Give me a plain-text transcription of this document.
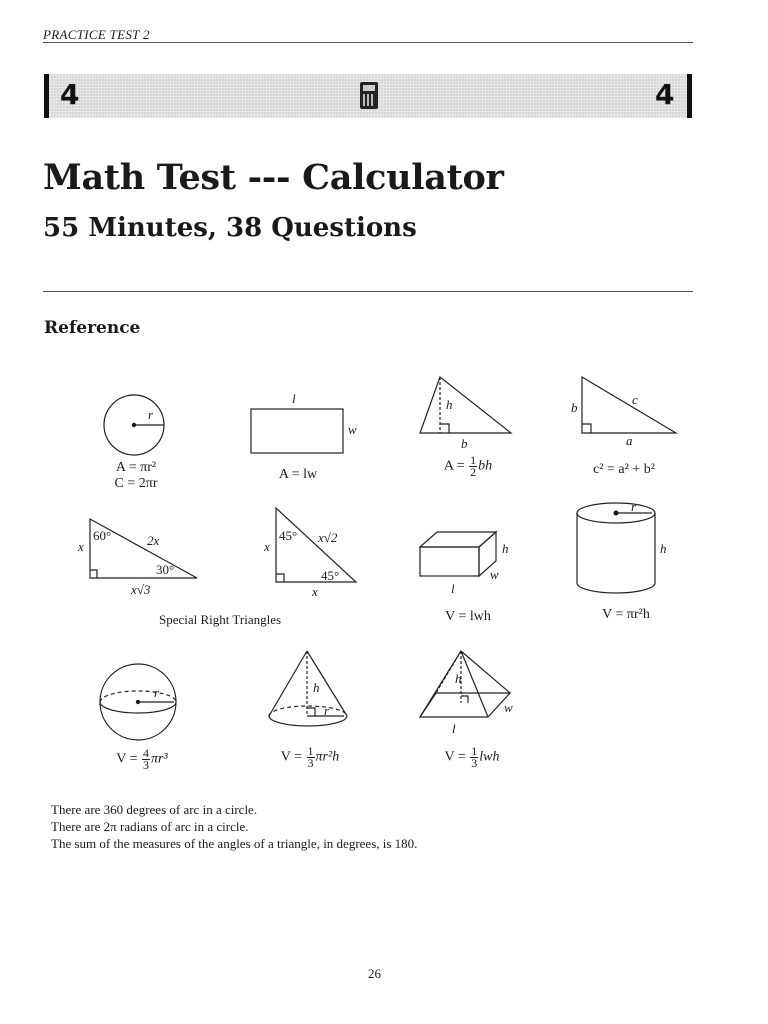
PRACTICE TEST 2
4	4
Math Test --- Calculator
55 Minutes, 38 Questions
Reference
r
l
w
h
b
b
c
a
x
60°	2x
30°
x√3
x
45° x√2
45°
x
h
w
l
r
h
r	h
r
h
w
l
A = πr²
C = 2πr
A = lw
$A = \frac{1}{2}$ bh	c² = a² + b²
Special Right Triangles	V = lwh	V = πr²h
$V = \frac{4}{3} \pi r^3$	$V = \frac{1}{3} \pi r^2h$	$V = \frac{1}{3}$ lwh
There are 360 degrees of arc in a circle.
There are 2π radians of arc in a circle.
The sum of the measures of the angles of a triangle, in degrees, is 180.
26
